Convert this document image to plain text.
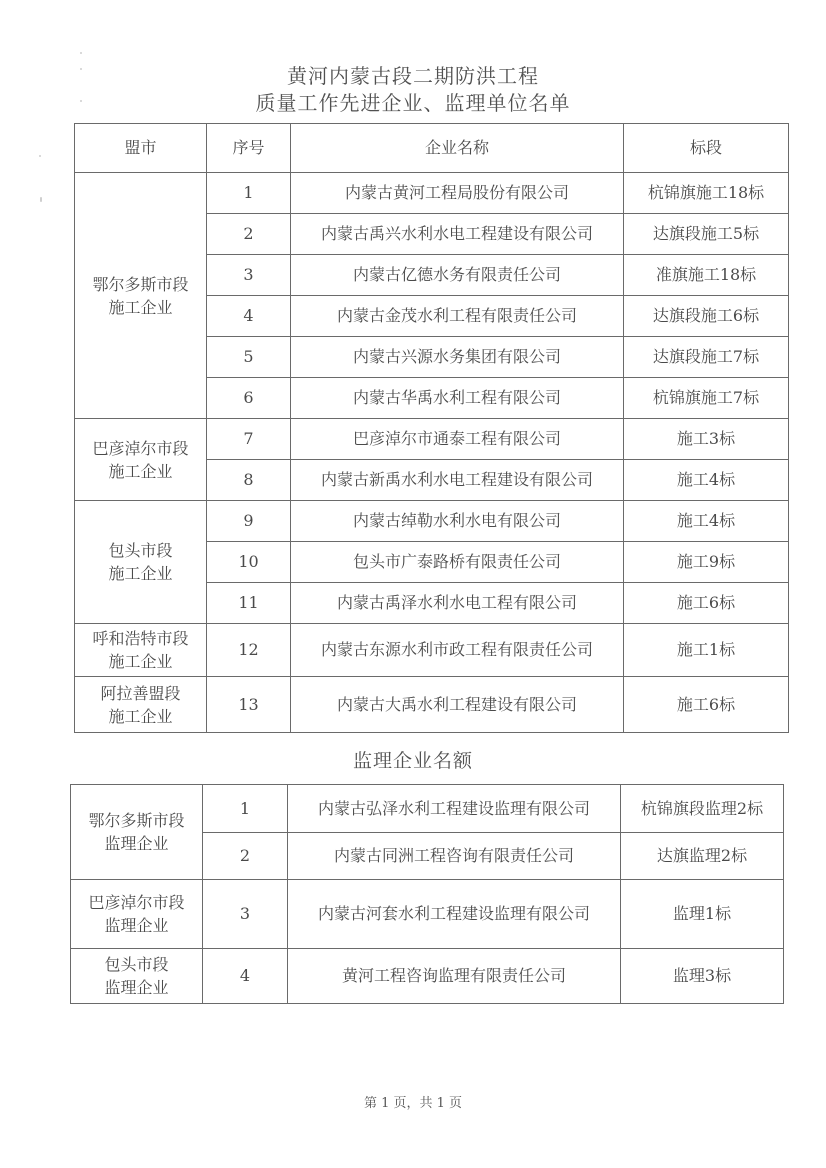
黄河内蒙古段二期防洪工程
质量工作先进企业、监理单位名单
盟市	序号	企业名称	标段

鄂尔多斯市段
施工企业	1	内蒙古黄河工程局股份有限公司	杭锦旗施工18标
	2	内蒙古禹兴水利水电工程建设有限公司	达旗段施工5标
	3	内蒙古亿德水务有限责任公司	准旗施工18标
	4	内蒙古金茂水利工程有限责任公司	达旗段施工6标
	5	内蒙古兴源水务集团有限公司	达旗段施工7标
	6	内蒙古华禹水利工程有限公司	杭锦旗施工7标

巴彦淖尔市段
施工企业	7	巴彦淖尔市通泰工程有限公司	施工3标
	8	内蒙古新禹水利水电工程建设有限公司	施工4标

包头市段
施工企业	9	内蒙古绰勒水利水电有限公司	施工4标
	10	包头市广泰路桥有限责任公司	施工9标
	11	内蒙古禹泽水利水电工程有限公司	施工6标

呼和浩特市段
施工企业	12	内蒙古东源水利市政工程有限责任公司	施工1标

阿拉善盟段
施工企业	13	内蒙古大禹水利工程建设有限公司	施工6标
监理企业名额
鄂尔多斯市段
监理企业	1	内蒙古弘泽水利工程建设监理有限公司	杭锦旗段监理2标
	2	内蒙古同洲工程咨询有限责任公司	达旗监理2标

巴彦淖尔市段
监理企业	3	内蒙古河套水利工程建设监理有限公司	监理1标

包头市段
监理企业	4	黄河工程咨询监理有限责任公司	监理3标
第 1 页，共 1 页
